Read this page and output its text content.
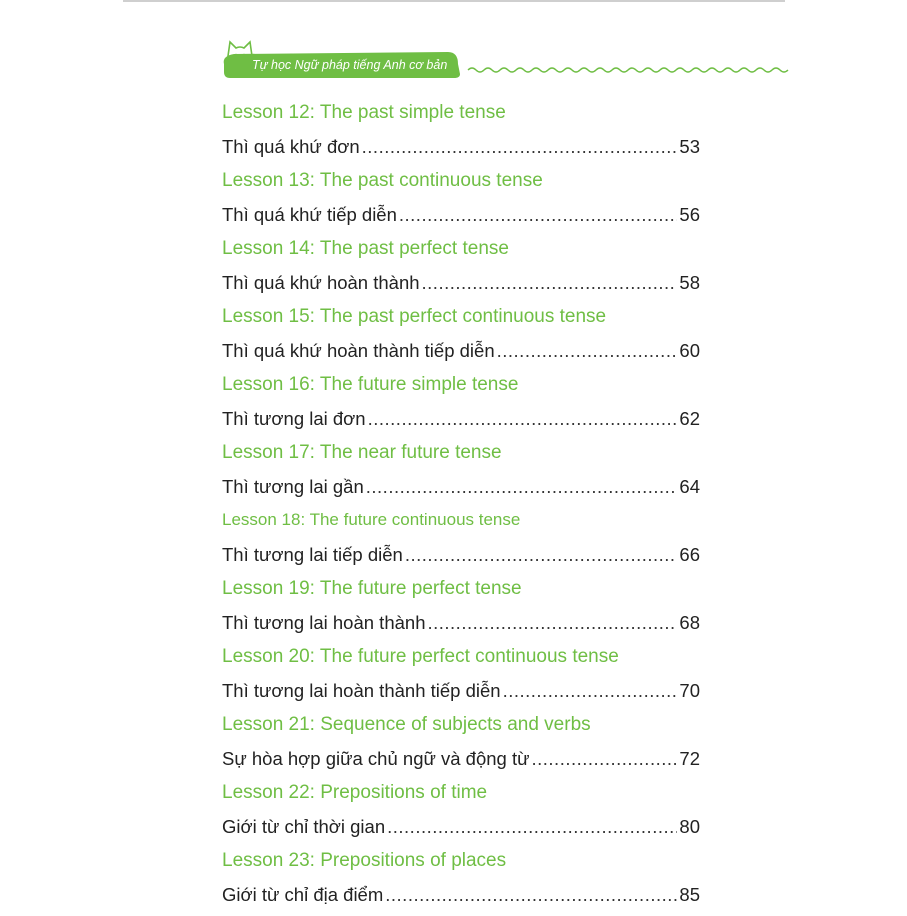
Tự học Ngữ pháp tiếng Anh cơ bản
Lesson 12: The past simple tense
Thì quá khứ đơn .....	53
Lesson 13: The past continuous tense
Thì quá khứ tiếp diễn .....	56
Lesson 14: The past perfect tense
Thì quá khứ hoàn thành .....	58
Lesson 15: The past perfect continuous tense
Thì quá khứ hoàn thành tiếp diễn .....	60
Lesson 16: The future simple tense
Thì tương lai đơn .....	62
Lesson 17: The near future tense
Thì tương lai gần .....	64
Lesson 18: The future continuous tense
Thì tương lai tiếp diễn .....	66
Lesson 19: The future perfect tense
Thì tương lai hoàn thành .....	68
Lesson 20: The future perfect continuous tense
Thì tương lai hoàn thành tiếp diễn .....	70
Lesson 21: Sequence of subjects and verbs
Sự hòa hợp giữa chủ ngữ và động từ .....	72
Lesson 22: Prepositions of time
Giới từ chỉ thời gian .....	80
Lesson 23: Prepositions of places
Giới từ chỉ địa điểm .....	85
